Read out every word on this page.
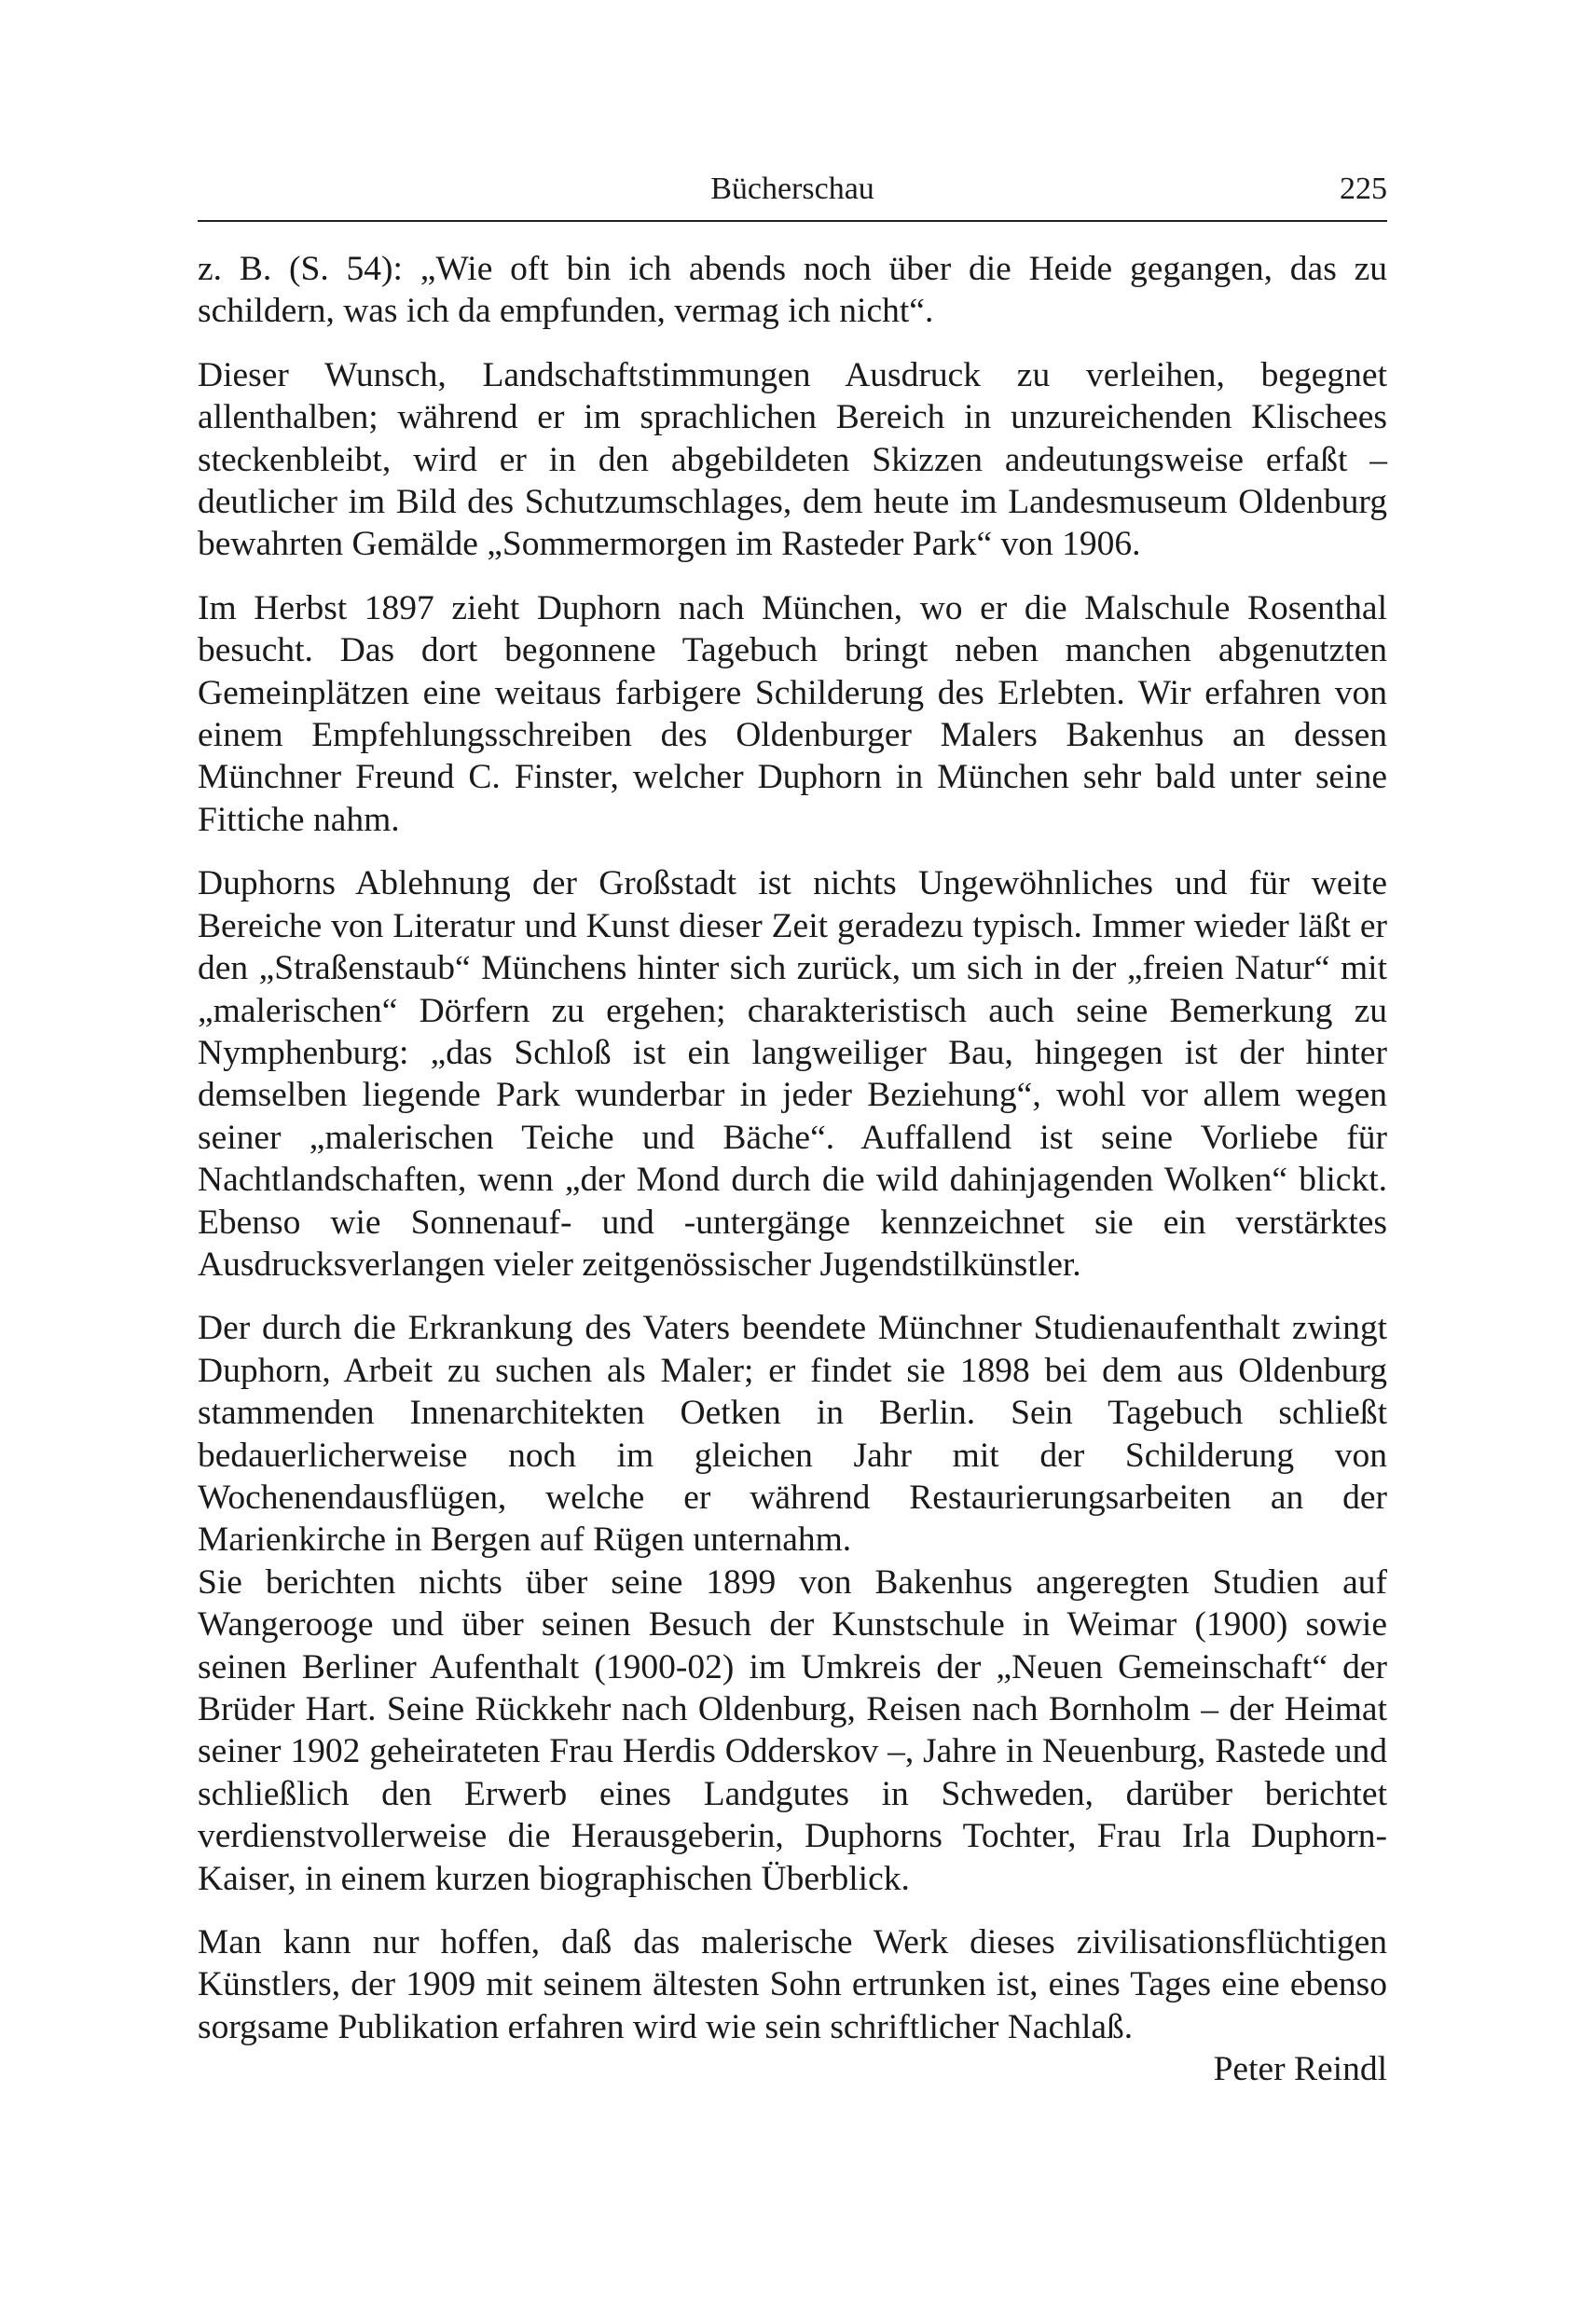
Bücherschau	225

z. B. (S. 54): „Wie oft bin ich abends noch über die Heide gegangen, das zu schildern, was ich da empfunden, vermag ich nicht“.

Dieser Wunsch, Landschaftstimmungen Ausdruck zu verleihen, begegnet allenthalben; während er im sprachlichen Bereich in unzureichenden Klischees steckenbleibt, wird er in den abgebildeten Skizzen andeutungsweise erfaßt – deutlicher im Bild des Schutzumschlages, dem heute im Landesmuseum Oldenburg bewahrten Gemälde „Sommermorgen im Rasteder Park“ von 1906.

Im Herbst 1897 zieht Duphorn nach München, wo er die Malschule Rosenthal besucht. Das dort begonnene Tagebuch bringt neben manchen abgenutzten Gemeinplätzen eine weitaus farbigere Schilderung des Erlebten. Wir erfahren von einem Empfehlungsschreiben des Oldenburger Malers Bakenhus an dessen Münchner Freund C. Finster, welcher Duphorn in München sehr bald unter seine Fittiche nahm.

Duphorns Ablehnung der Großstadt ist nichts Ungewöhnliches und für weite Bereiche von Literatur und Kunst dieser Zeit geradezu typisch. Immer wieder läßt er den „Straßenstaub“ Münchens hinter sich zurück, um sich in der „freien Natur“ mit „malerischen“ Dörfern zu ergehen; charakteristisch auch seine Bemerkung zu Nymphenburg: „das Schloß ist ein langweiliger Bau, hingegen ist der hinter demselben liegende Park wunderbar in jeder Beziehung“, wohl vor allem wegen seiner „malerischen Teiche und Bäche“. Auffallend ist seine Vorliebe für Nachtlandschaften, wenn „der Mond durch die wild dahinjagenden Wolken“ blickt. Ebenso wie Sonnenauf- und -untergänge kennzeichnet sie ein verstärktes Ausdrucksverlangen vieler zeitgenössischer Jugendstilkünstler.

Der durch die Erkrankung des Vaters beendete Münchner Studienaufenthalt zwingt Duphorn, Arbeit zu suchen als Maler; er findet sie 1898 bei dem aus Oldenburg stammenden Innenarchitekten Oetken in Berlin. Sein Tagebuch schließt bedauerlicherweise noch im gleichen Jahr mit der Schilderung von Wochenendausflügen, welche er während Restaurierungsarbeiten an der Marienkirche in Bergen auf Rügen unternahm.

Sie berichten nichts über seine 1899 von Bakenhus angeregten Studien auf Wangerooge und über seinen Besuch der Kunstschule in Weimar (1900) sowie seinen Berliner Aufenthalt (1900-02) im Umkreis der „Neuen Gemeinschaft“ der Brüder Hart. Seine Rückkehr nach Oldenburg, Reisen nach Bornholm – der Heimat seiner 1902 geheirateten Frau Herdis Odderskov –, Jahre in Neuenburg, Rastede und schließlich den Erwerb eines Landgutes in Schweden, darüber berichtet verdienstvollerweise die Herausgeberin, Duphorns Tochter, Frau Irla Duphorn-Kaiser, in einem kurzen biographischen Überblick.

Man kann nur hoffen, daß das malerische Werk dieses zivilisationsflüchtigen Künstlers, der 1909 mit seinem ältesten Sohn ertrunken ist, eines Tages eine ebenso sorgsame Publikation erfahren wird wie sein schriftlicher Nachlaß.

Peter Reindl
